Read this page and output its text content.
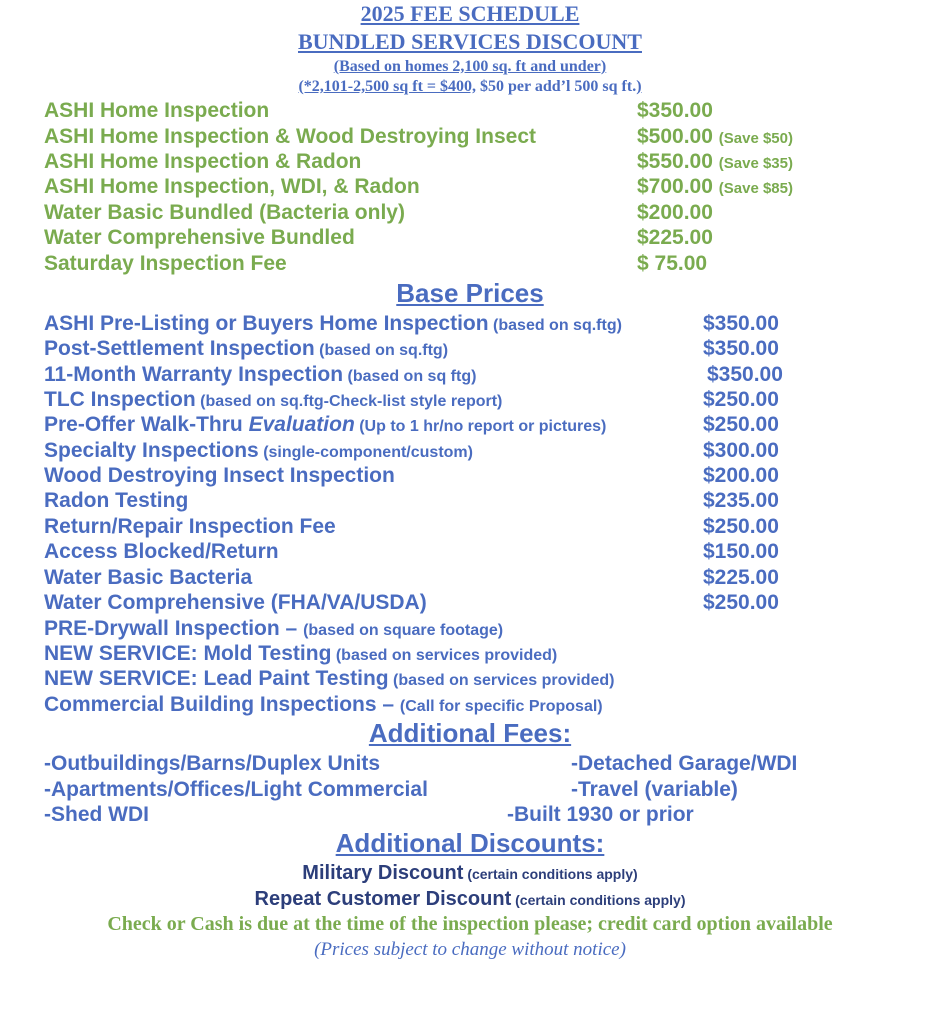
2025 FEE SCHEDULE
BUNDLED SERVICES DISCOUNT
(Based on homes 2,100 sq. ft and under)
(*2,101-2,500 sq ft = $400, $50 per add’l 500 sq ft.)
ASHI Home Inspection	$350.00
ASHI Home Inspection & Wood Destroying Insect	$500.00 (Save $50)
ASHI Home Inspection & Radon	$550.00 (Save $35)
ASHI Home Inspection, WDI, & Radon	$700.00 (Save $85)
Water Basic Bundled (Bacteria only)	$200.00
Water Comprehensive Bundled	$225.00
Saturday Inspection Fee	$ 75.00
Base Prices
ASHI Pre-Listing or Buyers Home Inspection (based on sq.ftg)	$350.00
Post-Settlement Inspection (based on sq.ftg)	$350.00
11-Month Warranty Inspection (based on sq ftg)	$350.00
TLC Inspection (based on sq.ftg-Check-list style report)	$250.00
Pre-Offer Walk-Thru Evaluation (Up to 1 hr/no report or pictures)	$250.00
Specialty Inspections (single-component/custom)	$300.00
Wood Destroying Insect Inspection	$200.00
Radon Testing	$235.00
Return/Repair Inspection Fee	$250.00
Access Blocked/Return	$150.00
Water Basic Bacteria	$225.00
Water Comprehensive (FHA/VA/USDA)	$250.00
PRE-Drywall Inspection – (based on square footage)
NEW SERVICE: Mold Testing (based on services provided)
NEW SERVICE: Lead Paint Testing (based on services provided)
Commercial Building Inspections – (Call for specific Proposal)
Additional Fees:
-Outbuildings/Barns/Duplex Units	-Detached Garage/WDI
-Apartments/Offices/Light Commercial	-Travel (variable)
-Shed WDI	-Built 1930 or prior
Additional Discounts:
Military Discount (certain conditions apply)
Repeat Customer Discount (certain conditions apply)
Check or Cash is due at the time of the inspection please; credit card option available
(Prices subject to change without notice)
